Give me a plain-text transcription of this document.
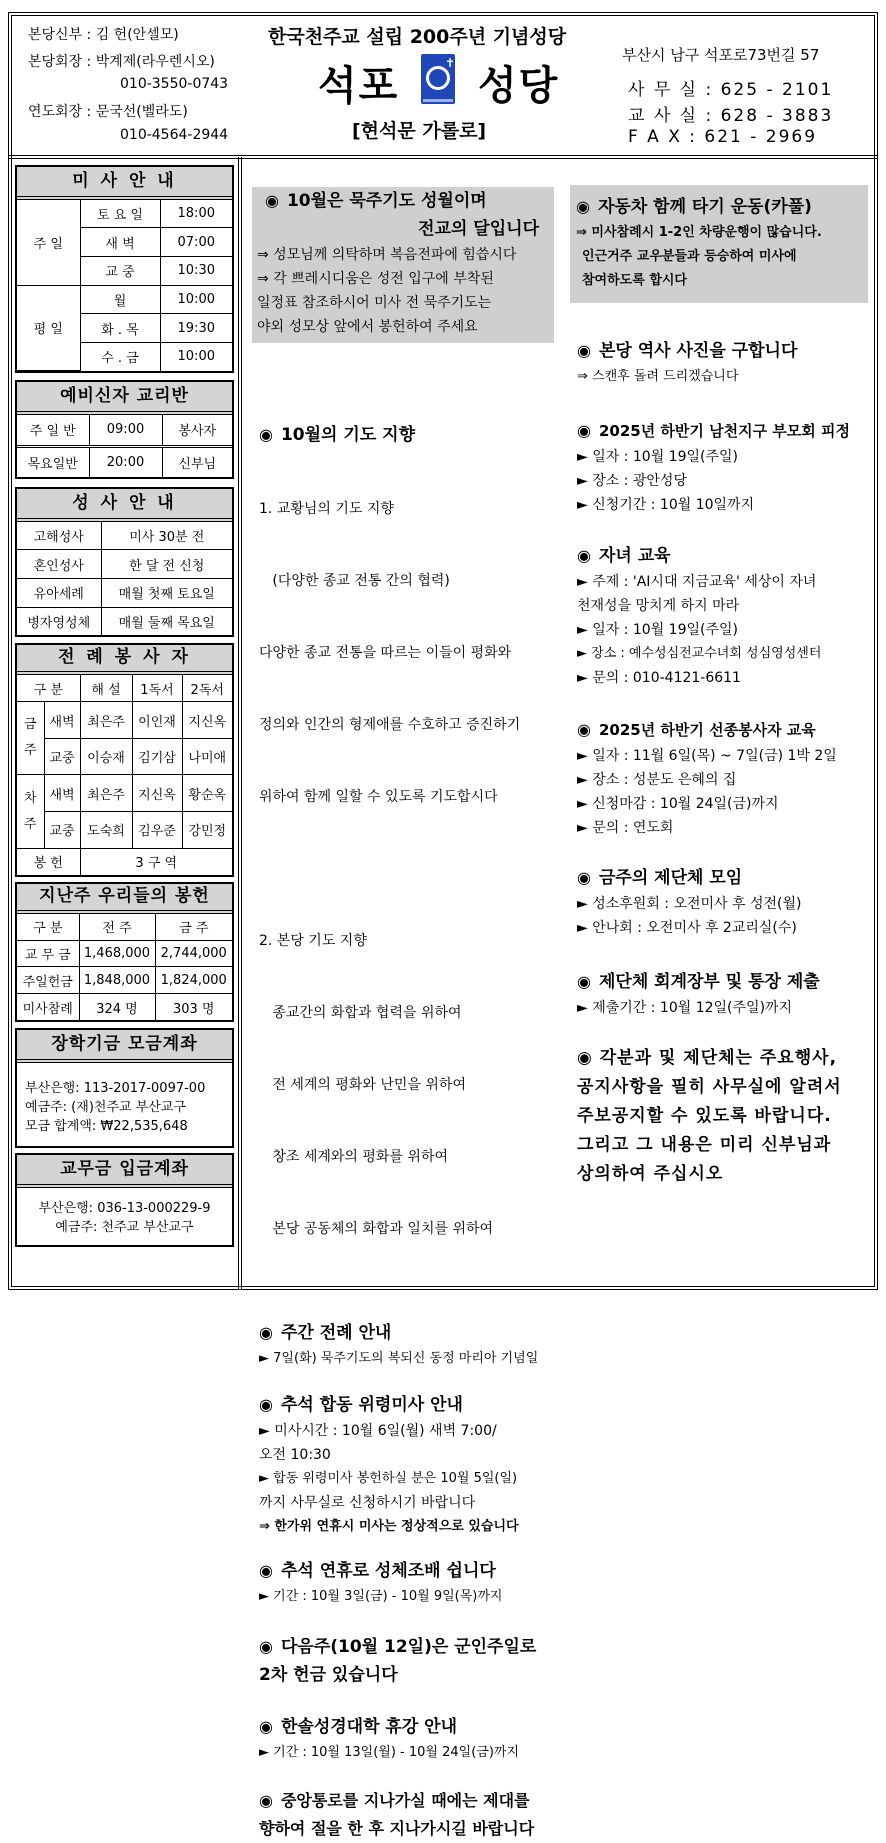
본당신부 : 김 헌(안셀모)
본당회장 : 박계제(라우렌시오)
010-3550-0743
연도회장 : 문국선(벨라도)
010-4564-2944
한국천주교 설립 200주년 기념성당
석포	✝ 성당
[현석문 가롤로]
부산시 남구 석포로73번길 57
사 무 실 : 625 - 2101
교 사 실 : 628 - 3883
F A X : 621 - 2969
미 사 안 내
주 일	토 요 일	18:00
	새 벽	07:00
	교 중	10:30
평 일	월	10:00
	화 . 목	19:30
	수 . 금	10:00
예비신자 교리반
주 일 반	09:00	봉사자
목요일반	20:00	신부님
성 사 안 내
고해성사	미사 30분 전
혼인성사	한 달 전 신청
유아세례	매월 첫째 토요일
병자영성체	매월 둘째 목요일
전 례 봉 사 자
구 분		해 설	1독서	2독서
금
주	새벽	최은주	이인재	지신옥
	교중	이승재	김기삼	나미애
차
주	새벽	최은주	지신옥	황순옥
	교중	도숙희	김우준	강민정
봉 헌		3 구 역		
지난주 우리들의 봉헌
구 분	전 주	금 주
교 무 금	1,468,000	2,744,000
주일헌금	1,848,000	1,824,000
미사참례	324 명	303 명
장학기금 모금계좌
부산은행: 113-2017-0097-00
예금주: (재)천주교 부산교구
모금 합계액: ₩22,535,648
교무금 입금계좌
부산은행: 036-13-000229-9
예금주: 천주교 부산교구
◉ 10월은 묵주기도 성월이며
전교의 달입니다
⇒ 성모님께 의탁하며 복음전파에 힘씁시다
⇒ 각 쁘레시디움은 성전 입구에 부착된
일정표 참조하시어 미사 전 묵주기도는
야외 성모상 앞에서 봉헌하여 주세요

◉ 10월의 기도 지향

1. 교황님의 기도 지향

(다양한 종교 전통 간의 협력)

다양한 종교 전통을 따르는 이들이 평화와

정의와 인간의 형제애를 수호하고 증진하기

위하여 함께 일할 수 있도록 기도합시다

2. 본당 기도 지향

종교간의 화합과 협력을 위하여

전 세계의 평화와 난민을 위하여

창조 세계와의 평화를 위하여

본당 공동체의 화합과 일치를 위하여

◉ 주간 전례 안내
► 7일(화) 묵주기도의 복되신 동정 마리아 기념일
◉ 추석 합동 위령미사 안내
► 미사시간 : 10월 6일(월) 새벽 7:00/
오전 10:30
► 합동 위령미사 봉헌하실 분은 10월 5일(일)
까지 사무실로 신청하시기 바랍니다
⇒ 한가위 연휴시 미사는 정상적으로 있습니다
◉ 추석 연휴로 성체조배 쉽니다
► 기간 : 10월 3일(금) - 10월 9일(목)까지
◉ 다음주(10월 12일)은 군인주일로
2차 헌금 있습니다
◉ 한솔성경대학 휴강 안내
► 기간 : 10월 13일(월) - 10월 24일(금)까지
◉ 중앙통로를 지나가실 때에는 제대를
향하여 절을 한 후 지나가시길 바랍니다
◉ 자동차 함께 타기 운동(카풀)
⇒ 미사참례시 1-2인 차량운행이 많습니다.
인근거주 교우분들과 등승하여 미사에
참여하도록 합시다
◉ 본당 역사 사진을 구합니다
⇒ 스캔후 돌려 드리겠습니다
◉ 2025년 하반기 남천지구 부모회 피정
► 일자 : 10월 19일(주일)
► 장소 : 광안성당
► 신청기간 : 10월 10일까지
◉ 자녀 교육
► 주제 : 'AI시대 지금교육' 세상이 자녀
천재성을 망치게 하지 마라
► 일자 : 10월 19일(주일)
► 장소 : 예수성심전교수녀회 성심영성센터
► 문의 : 010-4121-6611
◉ 2025년 하반기 선종봉사자 교육
► 일자 : 11월 6일(목) ~ 7일(금) 1박 2일
► 장소 : 성분도 은혜의 집
► 신청마감 : 10월 24일(금)까지
► 문의 : 연도회
◉ 금주의 제단체 모임
► 성소후원회 : 오전미사 후 성전(월)
► 안나회 : 오전미사 후 2교리실(수)
◉ 제단체 회계장부 및 통장 제출
► 제출기간 : 10월 12일(주일)까지
◉ 각분과 및 제단체는 주요행사,
공지사항을 필히 사무실에 알려서
주보공지할 수 있도록 바랍니다.
그리고 그 내용은 미리 신부님과
상의하여 주십시오
